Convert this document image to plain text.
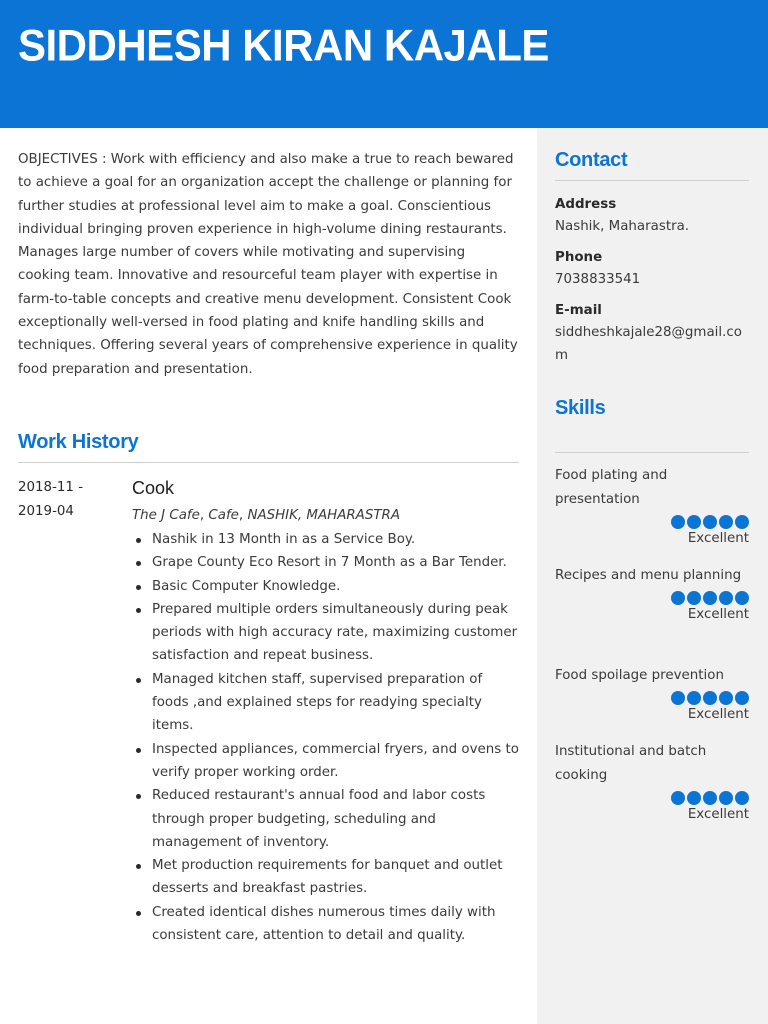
SIDDHESH KIRAN KAJALE

OBJECTIVES : Work with efficiency and also make a true to reach bewared to achieve a goal for an organization accept the challenge or planning for further studies at professional level aim to make a goal. Conscientious individual bringing proven experience in high-volume dining restaurants. Manages large number of covers while motivating and supervising cooking team. Innovative and resourceful team player with expertise in farm-to-table concepts and creative menu development. Consistent Cook exceptionally well-versed in food plating and knife handling skills and techniques. Offering several years of comprehensive experience in quality food preparation and presentation.

Work History
2018-11 -
2019-04
Cook
The J Cafe, Cafe, NASHIK, MAHARASTRA
Nashik in 13 Month in as a Service Boy.
Grape County Eco Resort in 7 Month as a Bar Tender.
Basic Computer Knowledge.
Prepared multiple orders simultaneously during peak periods with high accuracy rate, maximizing customer satisfaction and repeat business.
Managed kitchen staff, supervised preparation of foods ,and explained steps for readying specialty items.
Inspected appliances, commercial fryers, and ovens to verify proper working order.
Reduced restaurant's annual food and labor costs through proper budgeting, scheduling and management of inventory.
Met production requirements for banquet and outlet desserts and breakfast pastries.
Created identical dishes numerous times daily with consistent care, attention to detail and quality.
Contact
Address
Nashik, Maharastra.
Phone
7038833541
E-mail
siddheshkajale28@gmail.com
Skills
Food plating and presentation
Excellent
Recipes and menu planning
Excellent
Food spoilage prevention
Excellent
Institutional and batch cooking
Excellent
